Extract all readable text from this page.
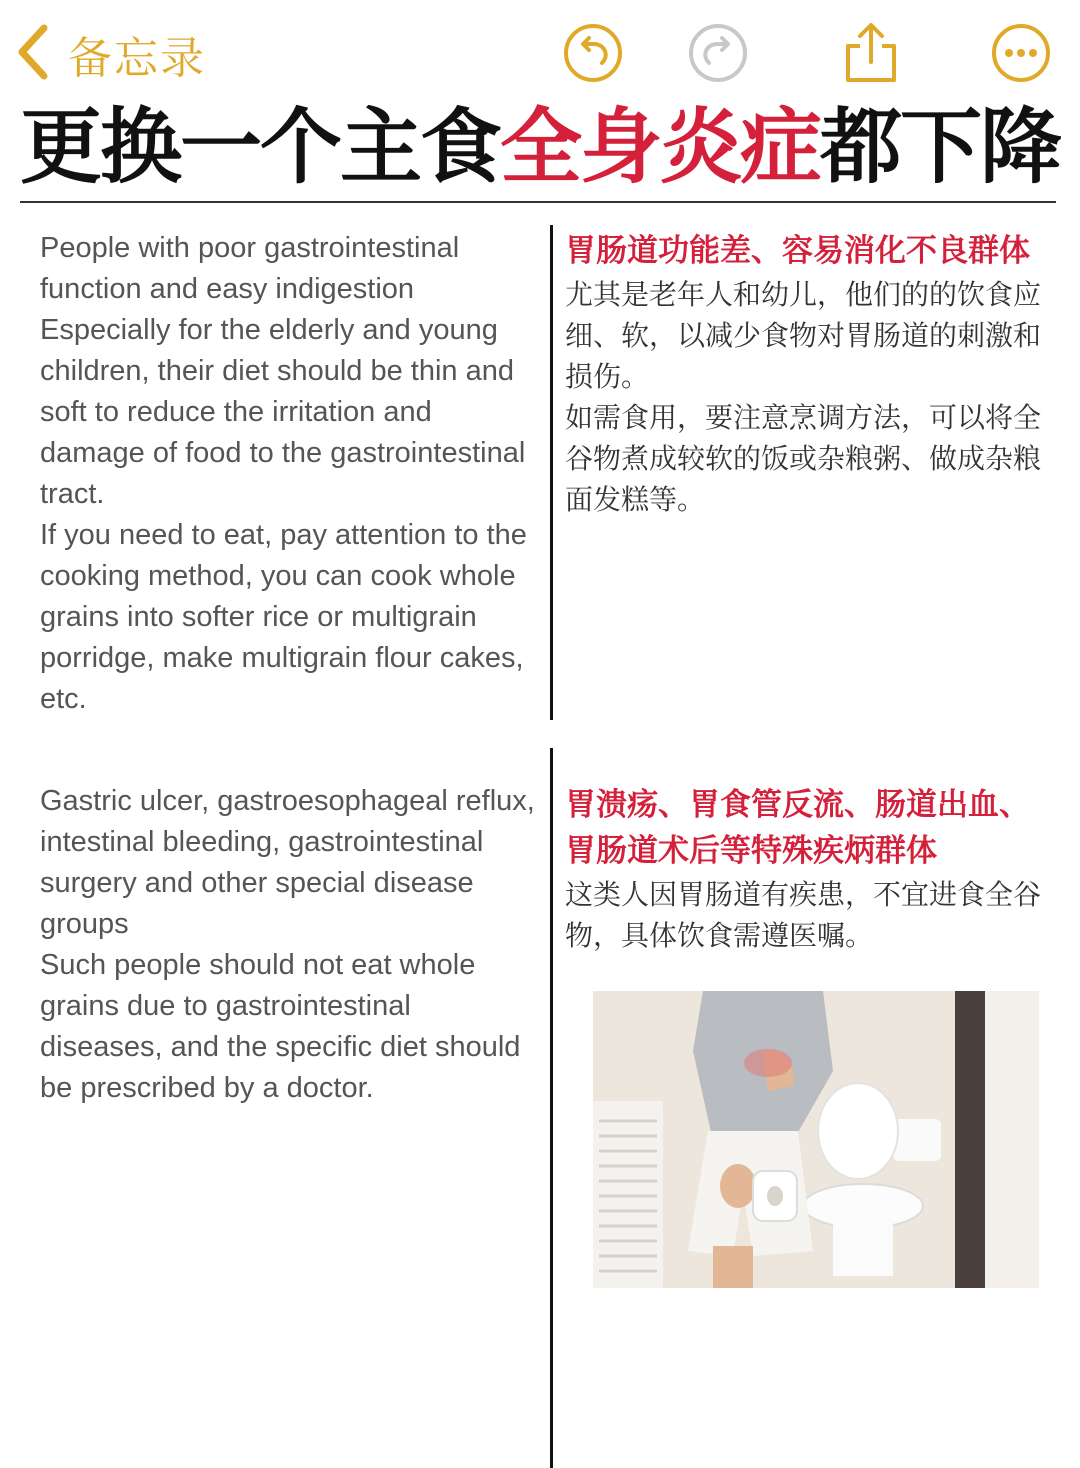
备忘录
更换一个主食全身炎症都下降

People with poor gastrointestinal function and easy indigestion

Especially for the elderly and young children, their diet should be thin and soft to reduce the irritation and damage of food to the gastrointestinal tract.

If you need to eat, pay attention to the cooking method, you can cook whole grains into softer rice or multigrain porridge, make multigrain flour cakes, etc.

胃肠道功能差、容易消化不良群体
尤其是老年人和幼儿，他们的的饮食应细、软，以减少食物对胃肠道的刺激和损伤。
如需食用，要注意烹调方法，可以将全谷物煮成较软的饭或杂粮粥、做成杂粮面发糕等。

Gastric ulcer, gastroesophageal reflux, intestinal bleeding, gastrointestinal surgery and other special disease groups

Such people should not eat whole grains due to gastrointestinal diseases, and the specific diet should be prescribed by a doctor.

胃溃疡、胃食管反流、肠道出血、胃肠道术后等特殊疾炳群体
这类人因胃肠道有疾患，不宜进食全谷物，具体饮食需遵医嘱。
